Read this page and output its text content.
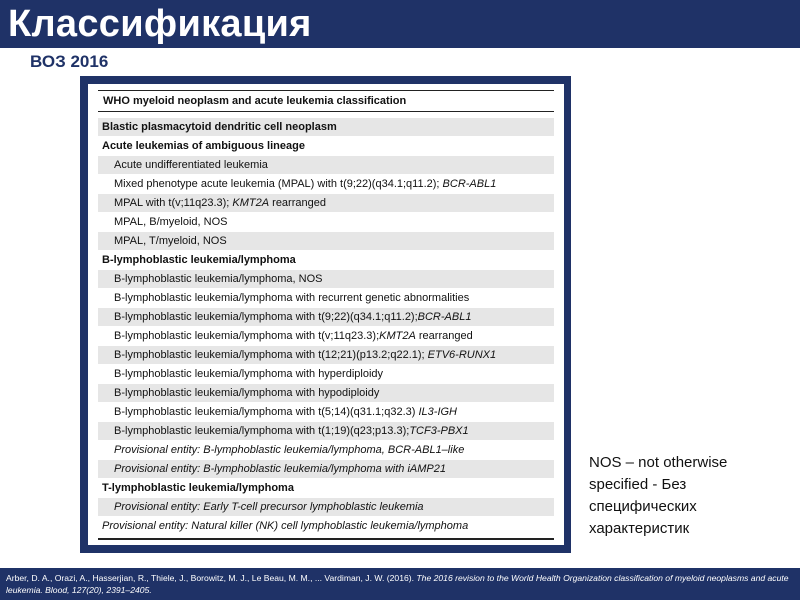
Классификация
ВОЗ 2016
WHO myeloid neoplasm and acute leukemia classification
Blastic plasmacytoid dendritic cell neoplasm
Acute leukemias of ambiguous lineage
Acute undifferentiated leukemia
Mixed phenotype acute leukemia (MPAL) with t(9;22)(q34.1;q11.2); BCR-ABL1
MPAL with t(v;11q23.3); KMT2A rearranged
MPAL, B/myeloid, NOS
MPAL, T/myeloid, NOS
B-lymphoblastic leukemia/lymphoma
B-lymphoblastic leukemia/lymphoma, NOS
B-lymphoblastic leukemia/lymphoma with recurrent genetic abnormalities
B-lymphoblastic leukemia/lymphoma with t(9;22)(q34.1;q11.2);BCR-ABL1
B-lymphoblastic leukemia/lymphoma with t(v;11q23.3);KMT2A rearranged
B-lymphoblastic leukemia/lymphoma with t(12;21)(p13.2;q22.1); ETV6-RUNX1
B-lymphoblastic leukemia/lymphoma with hyperdiploidy
B-lymphoblastic leukemia/lymphoma with hypodiploidy
B-lymphoblastic leukemia/lymphoma with t(5;14)(q31.1;q32.3) IL3-IGH
B-lymphoblastic leukemia/lymphoma with t(1;19)(q23;p13.3);TCF3-PBX1
Provisional entity: B-lymphoblastic leukemia/lymphoma, BCR-ABL1–like
Provisional entity: B-lymphoblastic leukemia/lymphoma with iAMP21
T-lymphoblastic leukemia/lymphoma
Provisional entity: Early T-cell precursor lymphoblastic leukemia
Provisional entity: Natural killer (NK) cell lymphoblastic leukemia/lymphoma
NOS – not otherwise specified - Без специфических характеристик
Arber, D. A., Orazi, A., Hasserjian, R., Thiele, J., Borowitz, M. J., Le Beau, M. M., ... Vardiman, J. W. (2016). The 2016 revision to the World Health Organization classification of myeloid neoplasms and acute leukemia. Blood, 127(20), 2391–2405.
